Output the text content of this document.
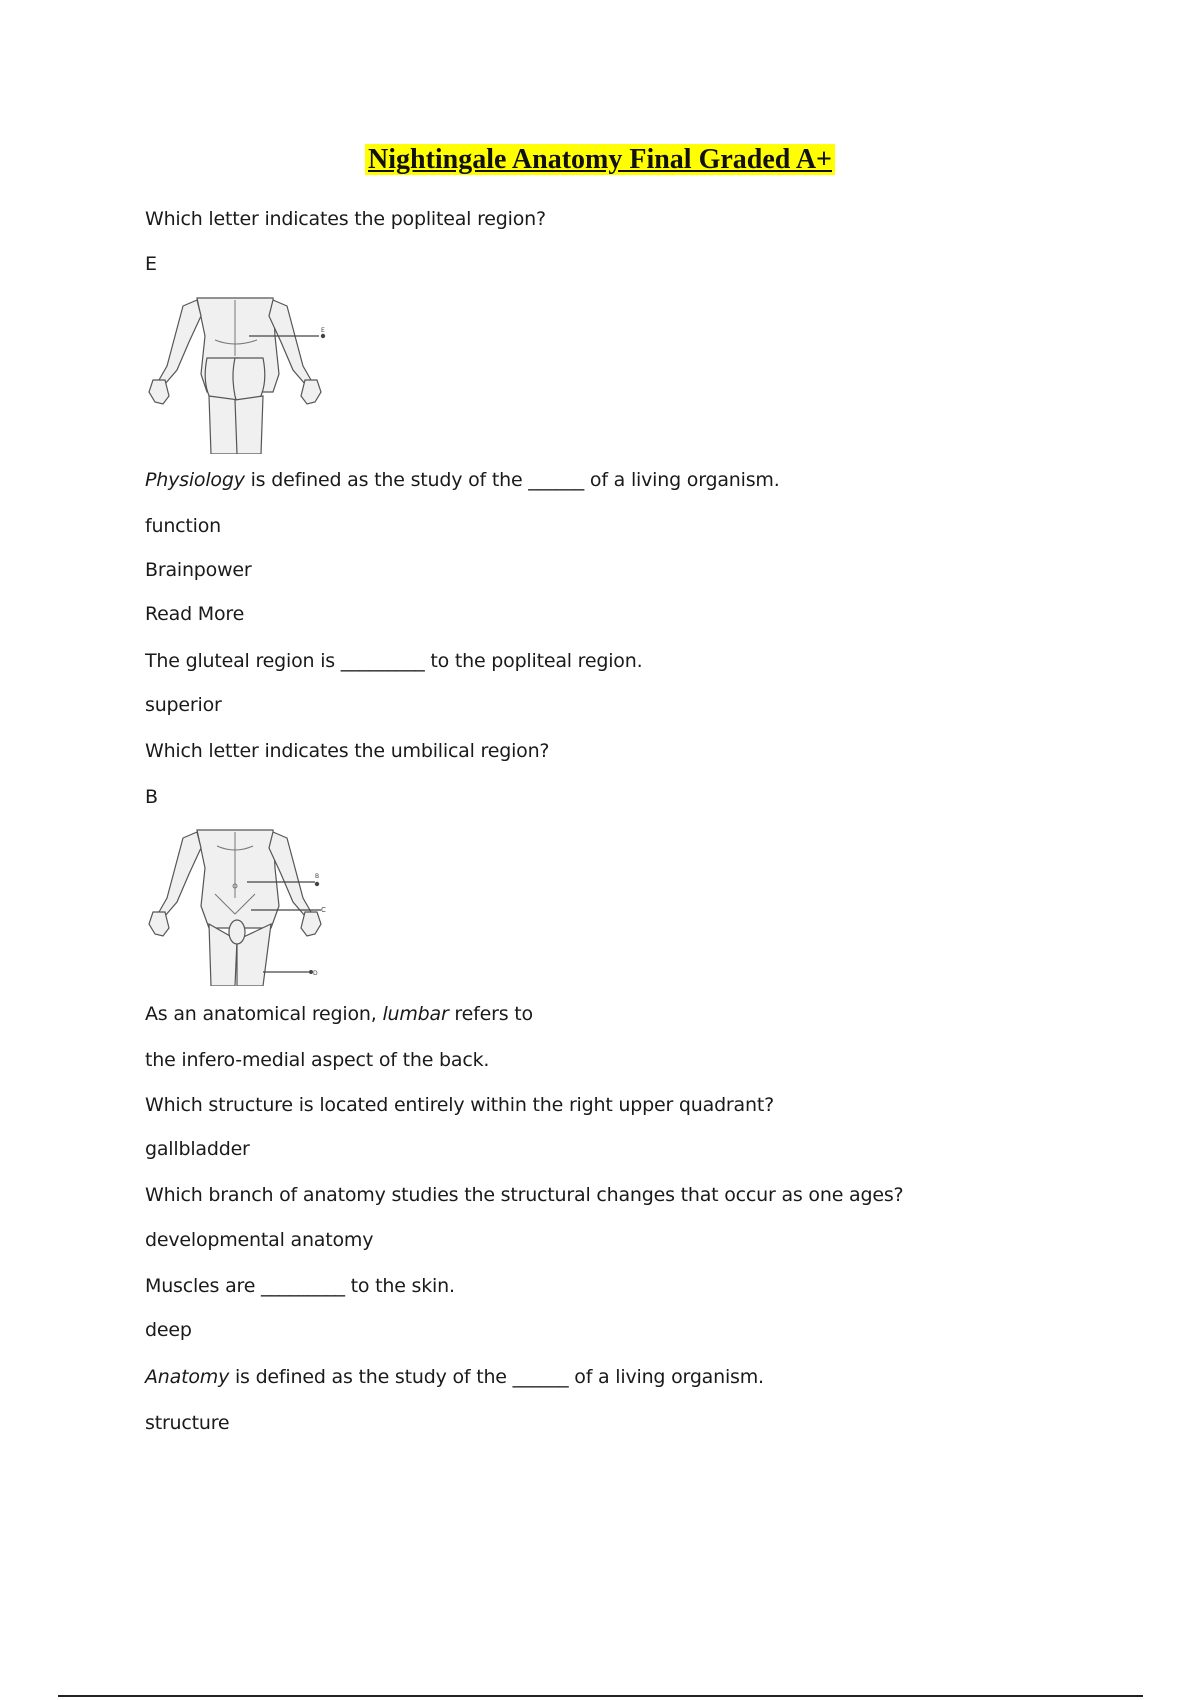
Nightingale Anatomy Final Graded A+
Which letter indicates the popliteal region?
E
E
Physiology is defined as the study of the ______ of a living organism.
function
Brainpower
Read More
The gluteal region is _________ to the popliteal region.
superior
Which letter indicates the umbilical region?
B
B
C
D
As an anatomical region, lumbar refers to
the infero-medial aspect of the back.
Which structure is located entirely within the right upper quadrant?
gallbladder
Which branch of anatomy studies the structural changes that occur as one ages?
developmental anatomy
Muscles are _________ to the skin.
deep
Anatomy is defined as the study of the ______ of a living organism.
structure
